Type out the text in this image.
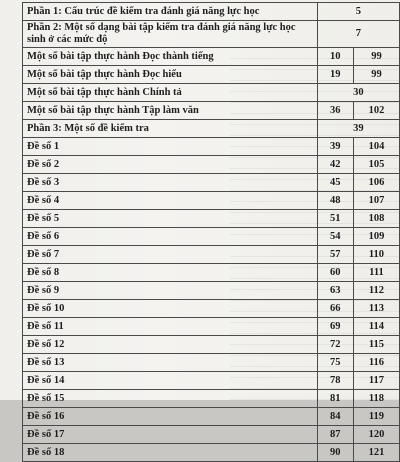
Phần 1: Cấu trúc đề kiểm tra đánh giá năng lực học	5	
Phần 2: Một số dạng bài tập kiểm tra đánh giá năng lực học sinh ở các mức độ	7	
Một số bài tập thực hành Đọc thành tiếng	10	99
Một số bài tập thực hành Đọc hiểu	19	99
Một số bài tập thực hành Chính tả	30	
Một số bài tập thực hành Tập làm văn	36	102
Phần 3: Một số đề kiểm tra	39	
Đề số 1	39	104
Đề số 2	42	105
Đề số 3	45	106
Đề số 4	48	107
Đề số 5	51	108
Đề số 6	54	109
Đề số 7	57	110
Đề số 8	60	111
Đề số 9	63	112
Đề số 10	66	113
Đề số 11	69	114
Đề số 12	72	115
Đề số 13	75	116
Đề số 14	78	117
Đề số 15	81	118
Đề số 16	84	119
Đề số 17	87	120
Đề số 18	90	121
